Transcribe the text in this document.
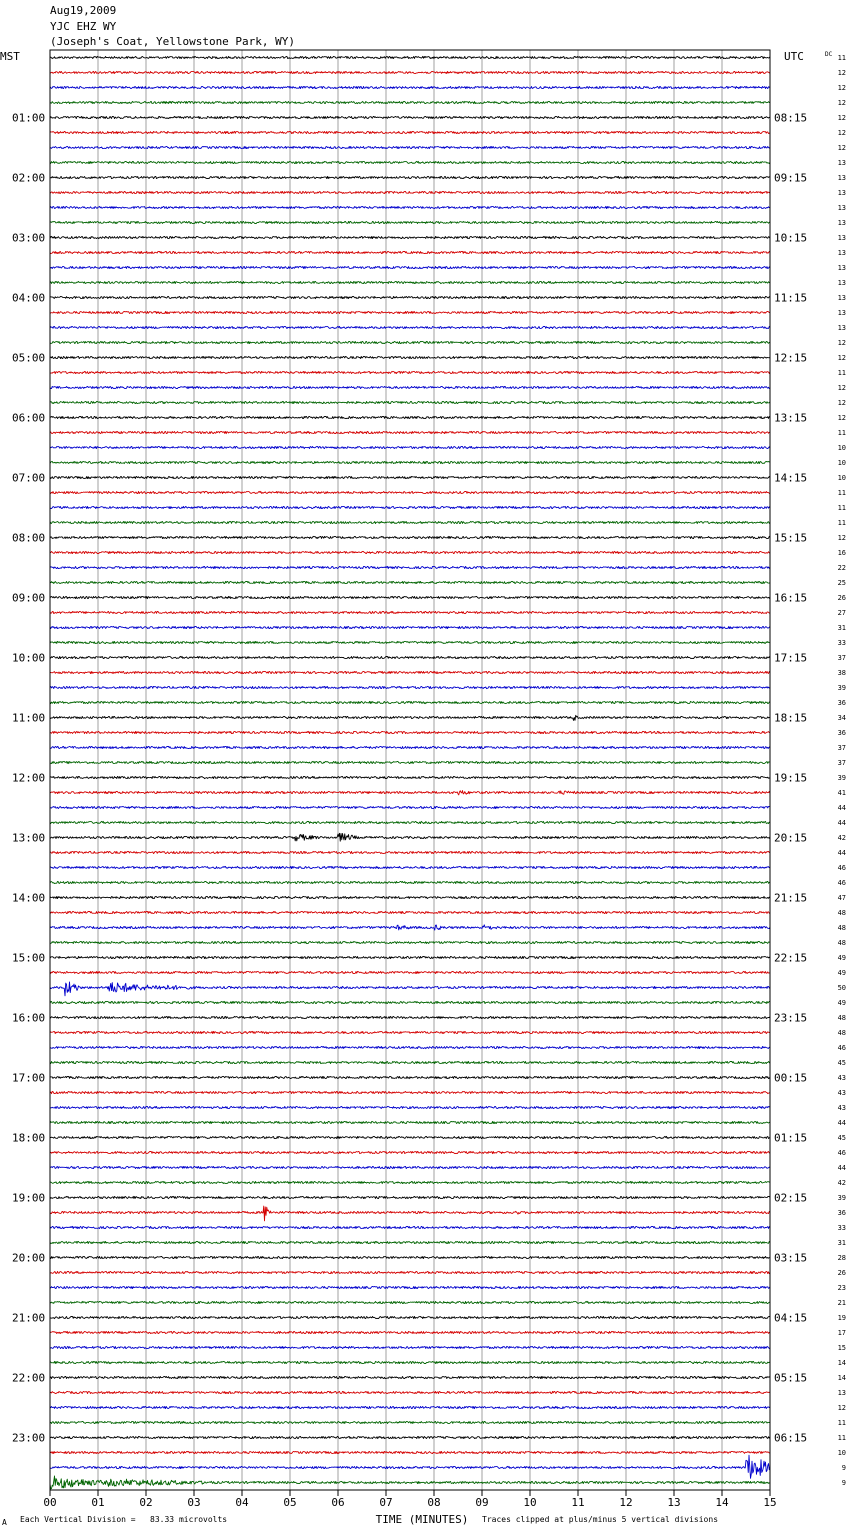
Aug19,2009
YJC EHZ WY
(Joseph's Coat, Yellowstone Park, WY)
01:00
02:00
03:00
04:00
05:00
06:00
07:00
08:00
09:00
10:00
11:00
12:00
13:00
14:00
15:00
16:00
17:00
18:00
19:00
20:00
21:00
22:00
23:00
08:15
09:15
10:15
11:15
12:15
13:15
14:15
15:15
16:15
17:15
18:15
19:15
20:15
21:15
22:15
23:15
00:15
01:15
02:15
03:15
04:15
05:15
06:15
MST	UTC	DC 11
12
12
12
12
12
12
13
13
13
13
13
13
13
13
13
13
13
13
12
12
11
12
12
12
11
10
10
10
11
11
11
12
16
22
25
26
27
31
33
37
38
39
36
34
36
37
37
39
41
44
44
42
44
46
46
47
48
48
48
49
49
50
49
48
48
46
45
43
43
43
44
45
46
44
42
39
36
33
31
28
26
23
21
19
17
15
14
14
13
12
11
11
10
9
9
00	01	02	03	04	05	06	07	08	09	10	11	12	13	14	15
TIME (MINUTES)
A Each Vertical Division =   83.33 microvolts	Traces clipped at plus/minus 5 vertical divisions
